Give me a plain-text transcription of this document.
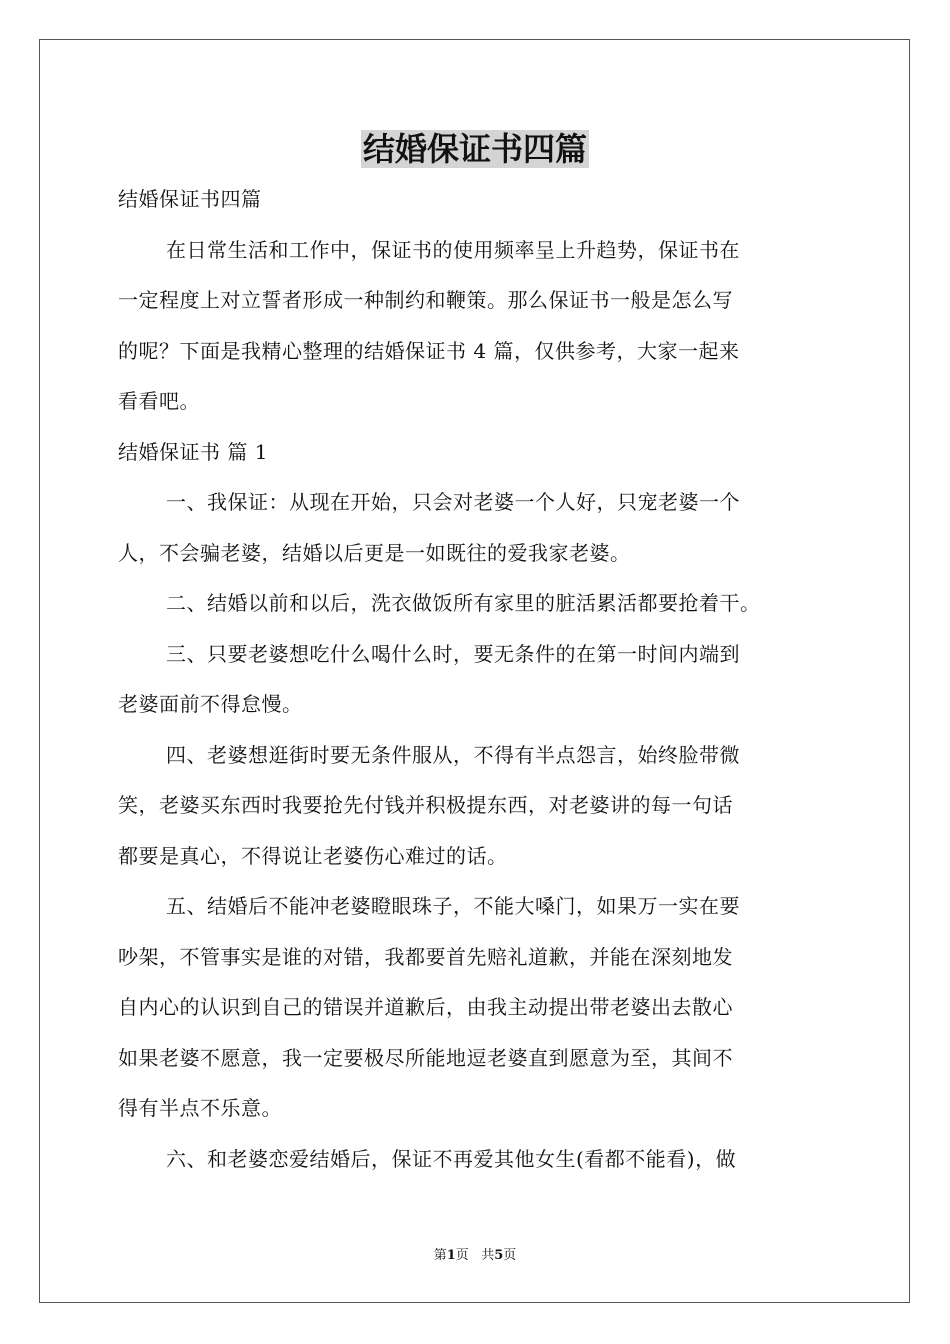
结婚保证书四篇
结婚保证书四篇
在日常生活和工作中，保证书的使用频率呈上升趋势，保证书在
一定程度上对立誓者形成一种制约和鞭策。那么保证书一般是怎么写
的呢？下面是我精心整理的结婚保证书 4 篇，仅供参考，大家一起来
看看吧。
结婚保证书 篇 1
一、我保证：从现在开始，只会对老婆一个人好，只宠老婆一个
人，不会骗老婆，结婚以后更是一如既往的爱我家老婆。
二、结婚以前和以后，洗衣做饭所有家里的脏活累活都要抢着干。
三、只要老婆想吃什么喝什么时，要无条件的在第一时间内端到
老婆面前不得怠慢。
四、老婆想逛街时要无条件服从，不得有半点怨言，始终脸带微
笑，老婆买东西时我要抢先付钱并积极提东西，对老婆讲的每一句话
都要是真心，不得说让老婆伤心难过的话。
五、结婚后不能冲老婆瞪眼珠子，不能大嗓门，如果万一实在要
吵架，不管事实是谁的对错，我都要首先赔礼道歉，并能在深刻地发
自内心的认识到自己的错误并道歉后，由我主动提出带老婆出去散心
如果老婆不愿意，我一定要极尽所能地逗老婆直到愿意为至，其间不
得有半点不乐意。
六、和老婆恋爱结婚后，保证不再爱其他女生(看都不能看)，做
第1页 共5页
